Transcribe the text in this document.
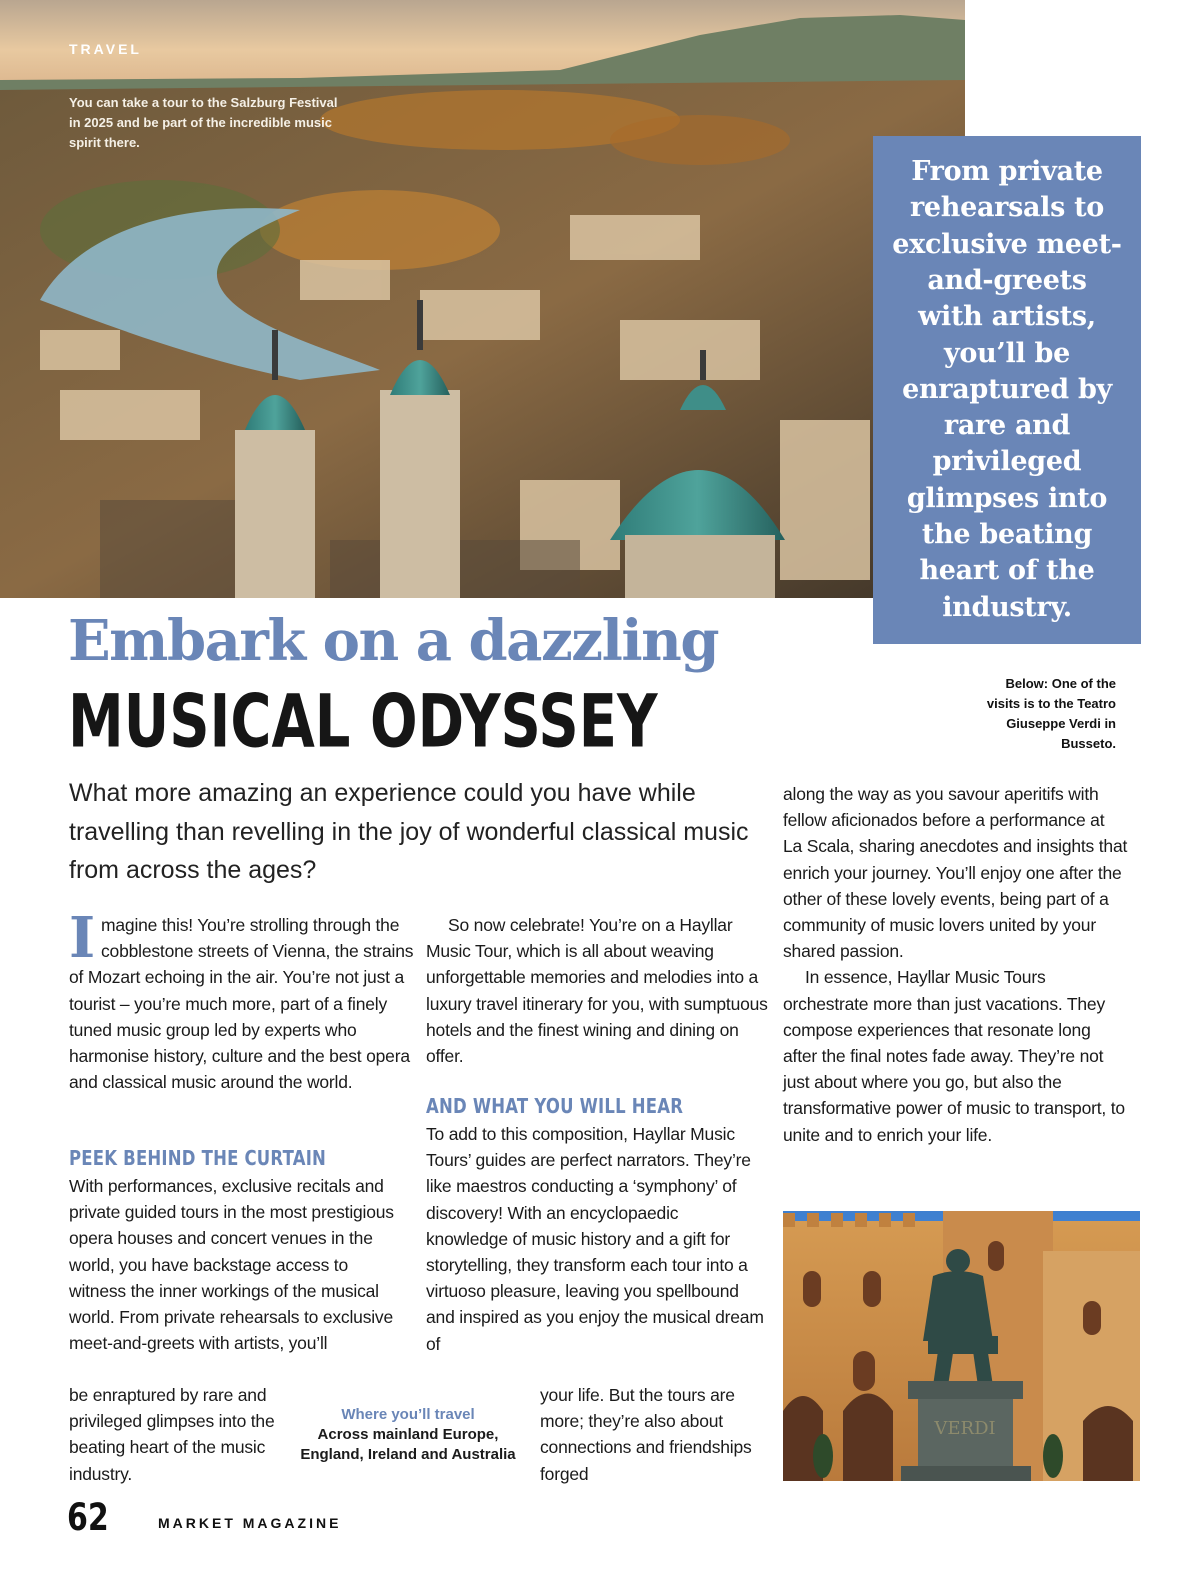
TRAVEL
You can take a tour to the Salzburg Festival in 2025 and be part of the incredible music spirit there.

From private rehearsals to exclusive meet-and-greets with artists, you’ll be enraptured by rare and privileged glimpses into the beating heart of the industry.

Embark on a dazzling
MUSICAL ODYSSEY	Below: One of the visits is to the Teatro Giuseppe Verdi in Busseto.

What more amazing an experience could you have while travelling than revelling in the joy of wonderful classical music from across the ages?

Imagine this! You’re strolling through the cobblestone streets of Vienna, the strains of Mozart echoing in the air. You’re not just a tourist – you’re much more, part of a finely tuned music group led by experts who harmonise history, culture and the best opera and classical music around the world.

PEEK BEHIND THE CURTAIN

With performances, exclusive recitals and private guided tours in the most prestigious opera houses and concert venues in the world, you have backstage access to witness the inner workings of the musical world. From private rehearsals to exclusive meet-and-greets with artists, you’ll

be enraptured by rare and privileged glimpses into the beating heart of the music industry.

Where you’ll travel
Across mainland Europe, England, Ireland and Australia

So now celebrate! You’re on a Hayllar Music Tour, which is all about weaving unforgettable memories and melodies into a luxury travel itinerary for you, with sumptuous hotels and the finest wining and dining on offer.

AND WHAT YOU WILL HEAR

To add to this composition, Hayllar Music Tours’ guides are perfect narrators. They’re like maestros conducting a ‘symphony’ of discovery! With an encyclopaedic knowledge of music history and a gift for storytelling, they transform each tour into a virtuoso pleasure, leaving you spellbound and inspired as you enjoy the musical dream of

your life. But the tours are more; they’re also about connections and friendships forged

along the way as you savour aperitifs with fellow aficionados before a performance at La Scala, sharing anecdotes and insights that enrich your journey. You’ll enjoy one after the other of these lovely events, being part of a community of music lovers united by your shared passion.

In essence, Hayllar Music Tours orchestrate more than just vacations. They compose experiences that resonate long after the final notes fade away. They’re not just about where you go, but also the transformative power of music to transport, to unite and to enrich your life.

VERDI
62	MARKET MAGAZINE
